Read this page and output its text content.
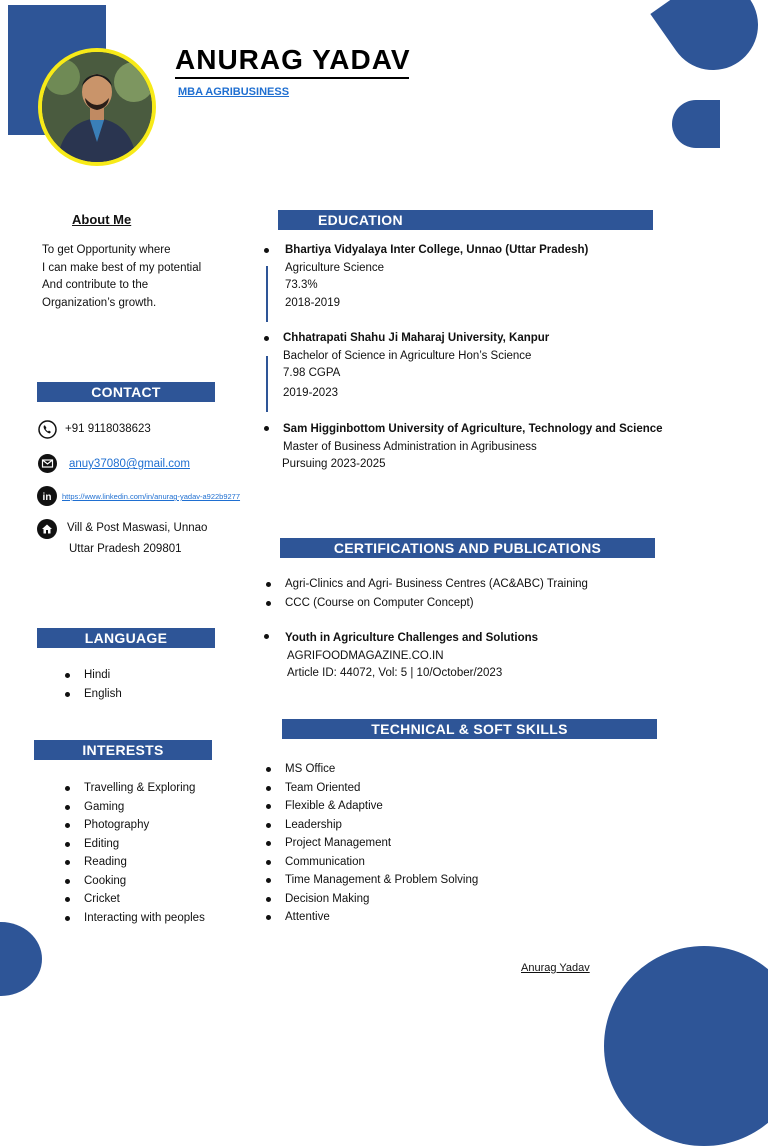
ANURAG YADAV
MBA AGRIBUSINESS
About Me
To get Opportunity where
I can make best of my potential
And contribute to the
Organization’s growth.
CONTACT
+91 9118038623
anuy37080@gmail.com
in https://www.linkedin.com/in/anurag-yadav-a922b9277
Vill & Post Maswasi, Unnao
Uttar Pradesh 209801
LANGUAGE
Hindi
English
INTERESTS
Travelling & Exploring
Gaming
Photography
Editing
Reading
Cooking
Cricket
Interacting with peoples
EDUCATION
Bhartiya Vidyalaya Inter College, Unnao (Uttar Pradesh)
Agriculture Science
73.3%
2018-2019
Chhatrapati Shahu Ji Maharaj University, Kanpur
Bachelor of Science in Agriculture Hon’s Science
7.98 CGPA
2019-2023
Sam Higginbottom University of Agriculture, Technology and Science
Master of Business Administration in Agribusiness
Pursuing 2023-2025
CERTIFICATIONS AND PUBLICATIONS
Agri-Clinics and Agri- Business Centres (AC&ABC) Training
CCC (Course on Computer Concept)
Youth in Agriculture Challenges and Solutions
AGRIFOODMAGAZINE.CO.IN
Article ID: 44072, Vol: 5 | 10/October/2023
TECHNICAL & SOFT SKILLS
MS Office
Team Oriented
Flexible & Adaptive
Leadership
Project Management
Communication
Time Management & Problem Solving
Decision Making
Attentive
Anurag Yadav
